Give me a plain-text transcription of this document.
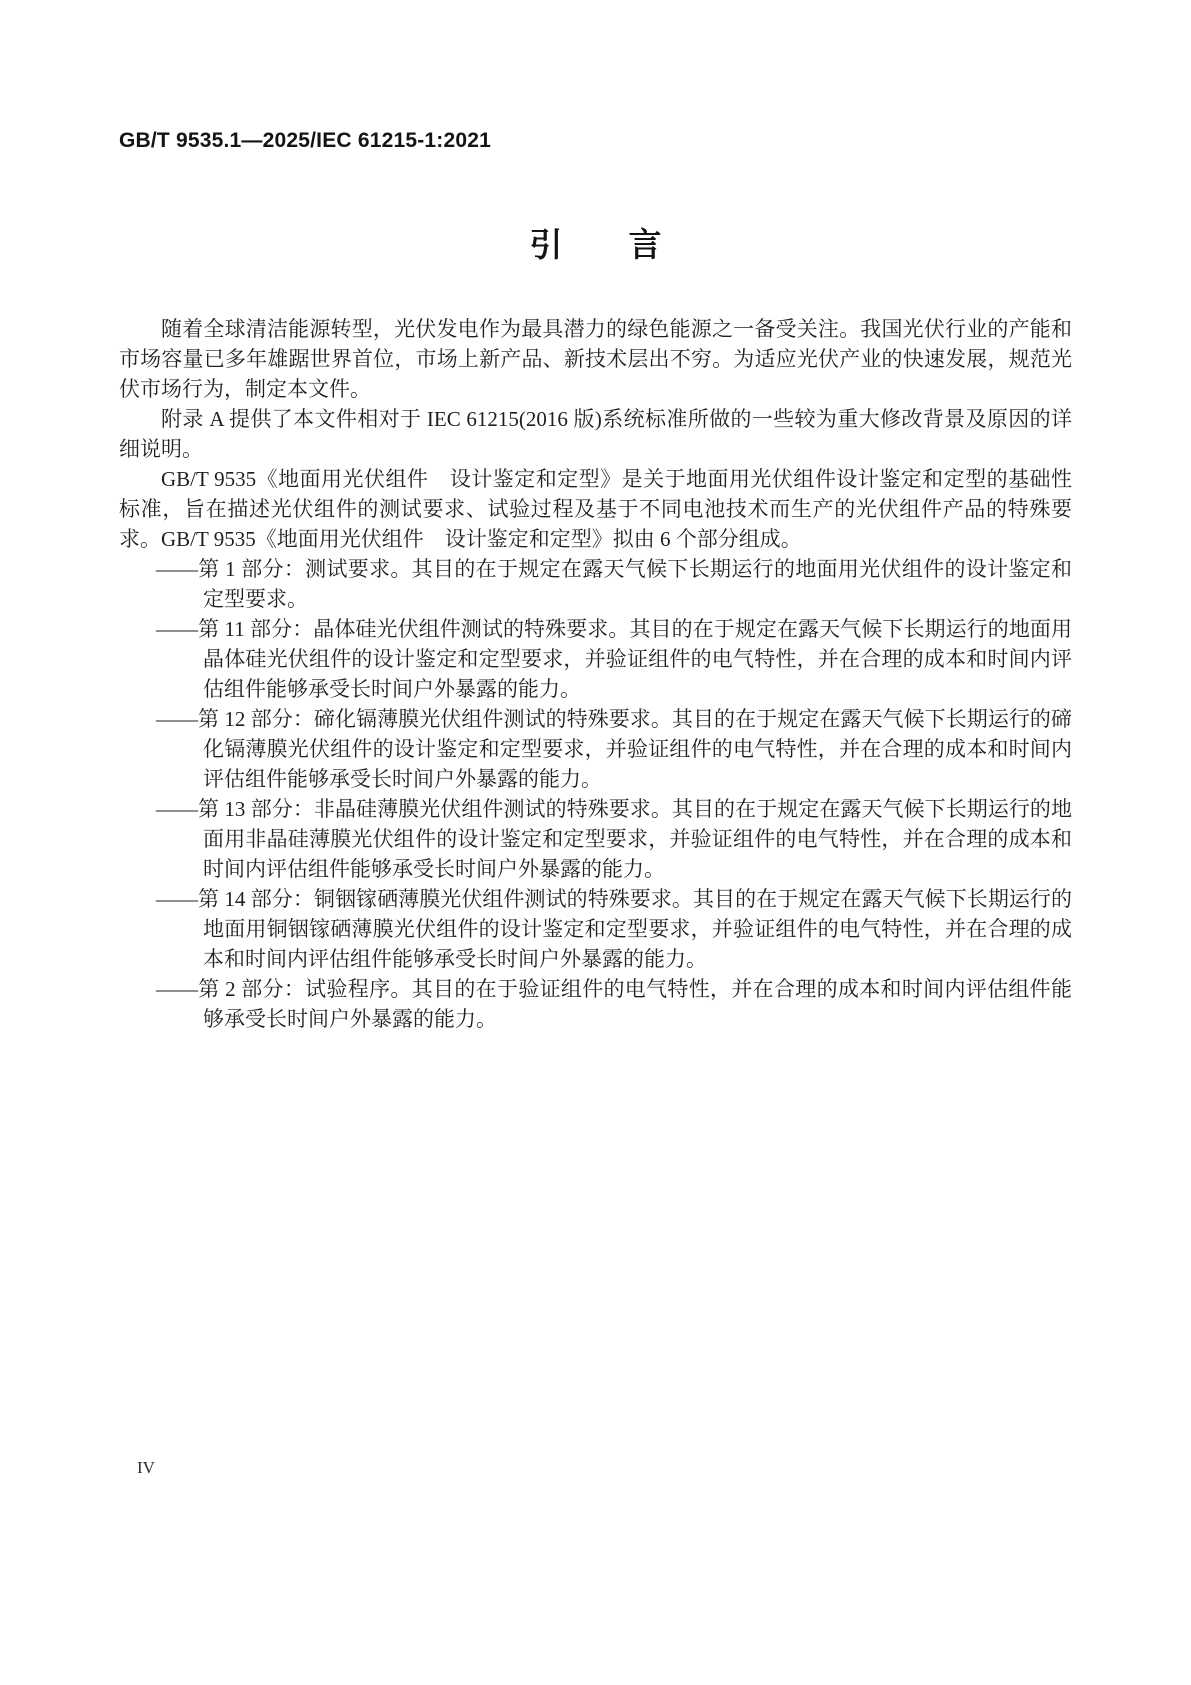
GB/T 9535.1—2025/IEC 61215-1:2021
引　　言

随着全球清洁能源转型，光伏发电作为最具潜力的绿色能源之一备受关注。我国光伏行业的产能和市场容量已多年雄踞世界首位，市场上新产品、新技术层出不穷。为适应光伏产业的快速发展，规范光伏市场行为，制定本文件。

附录 A 提供了本文件相对于 IEC 61215(2016 版)系统标准所做的一些较为重大修改背景及原因的详细说明。

GB/T 9535《地面用光伏组件　设计鉴定和定型》是关于地面用光伏组件设计鉴定和定型的基础性标准，旨在描述光伏组件的测试要求、试验过程及基于不同电池技术而生产的光伏组件产品的特殊要求。GB/T 9535《地面用光伏组件　设计鉴定和定型》拟由 6 个部分组成。

——第 1 部分：测试要求。其目的在于规定在露天气候下长期运行的地面用光伏组件的设计鉴定和定型要求。

——第 11 部分：晶体硅光伏组件测试的特殊要求。其目的在于规定在露天气候下长期运行的地面用晶体硅光伏组件的设计鉴定和定型要求，并验证组件的电气特性，并在合理的成本和时间内评估组件能够承受长时间户外暴露的能力。

——第 12 部分：碲化镉薄膜光伏组件测试的特殊要求。其目的在于规定在露天气候下长期运行的碲化镉薄膜光伏组件的设计鉴定和定型要求，并验证组件的电气特性，并在合理的成本和时间内评估组件能够承受长时间户外暴露的能力。

——第 13 部分：非晶硅薄膜光伏组件测试的特殊要求。其目的在于规定在露天气候下长期运行的地面用非晶硅薄膜光伏组件的设计鉴定和定型要求，并验证组件的电气特性，并在合理的成本和时间内评估组件能够承受长时间户外暴露的能力。

——第 14 部分：铜铟镓硒薄膜光伏组件测试的特殊要求。其目的在于规定在露天气候下长期运行的地面用铜铟镓硒薄膜光伏组件的设计鉴定和定型要求，并验证组件的电气特性，并在合理的成本和时间内评估组件能够承受长时间户外暴露的能力。

——第 2 部分：试验程序。其目的在于验证组件的电气特性，并在合理的成本和时间内评估组件能够承受长时间户外暴露的能力。

IV
